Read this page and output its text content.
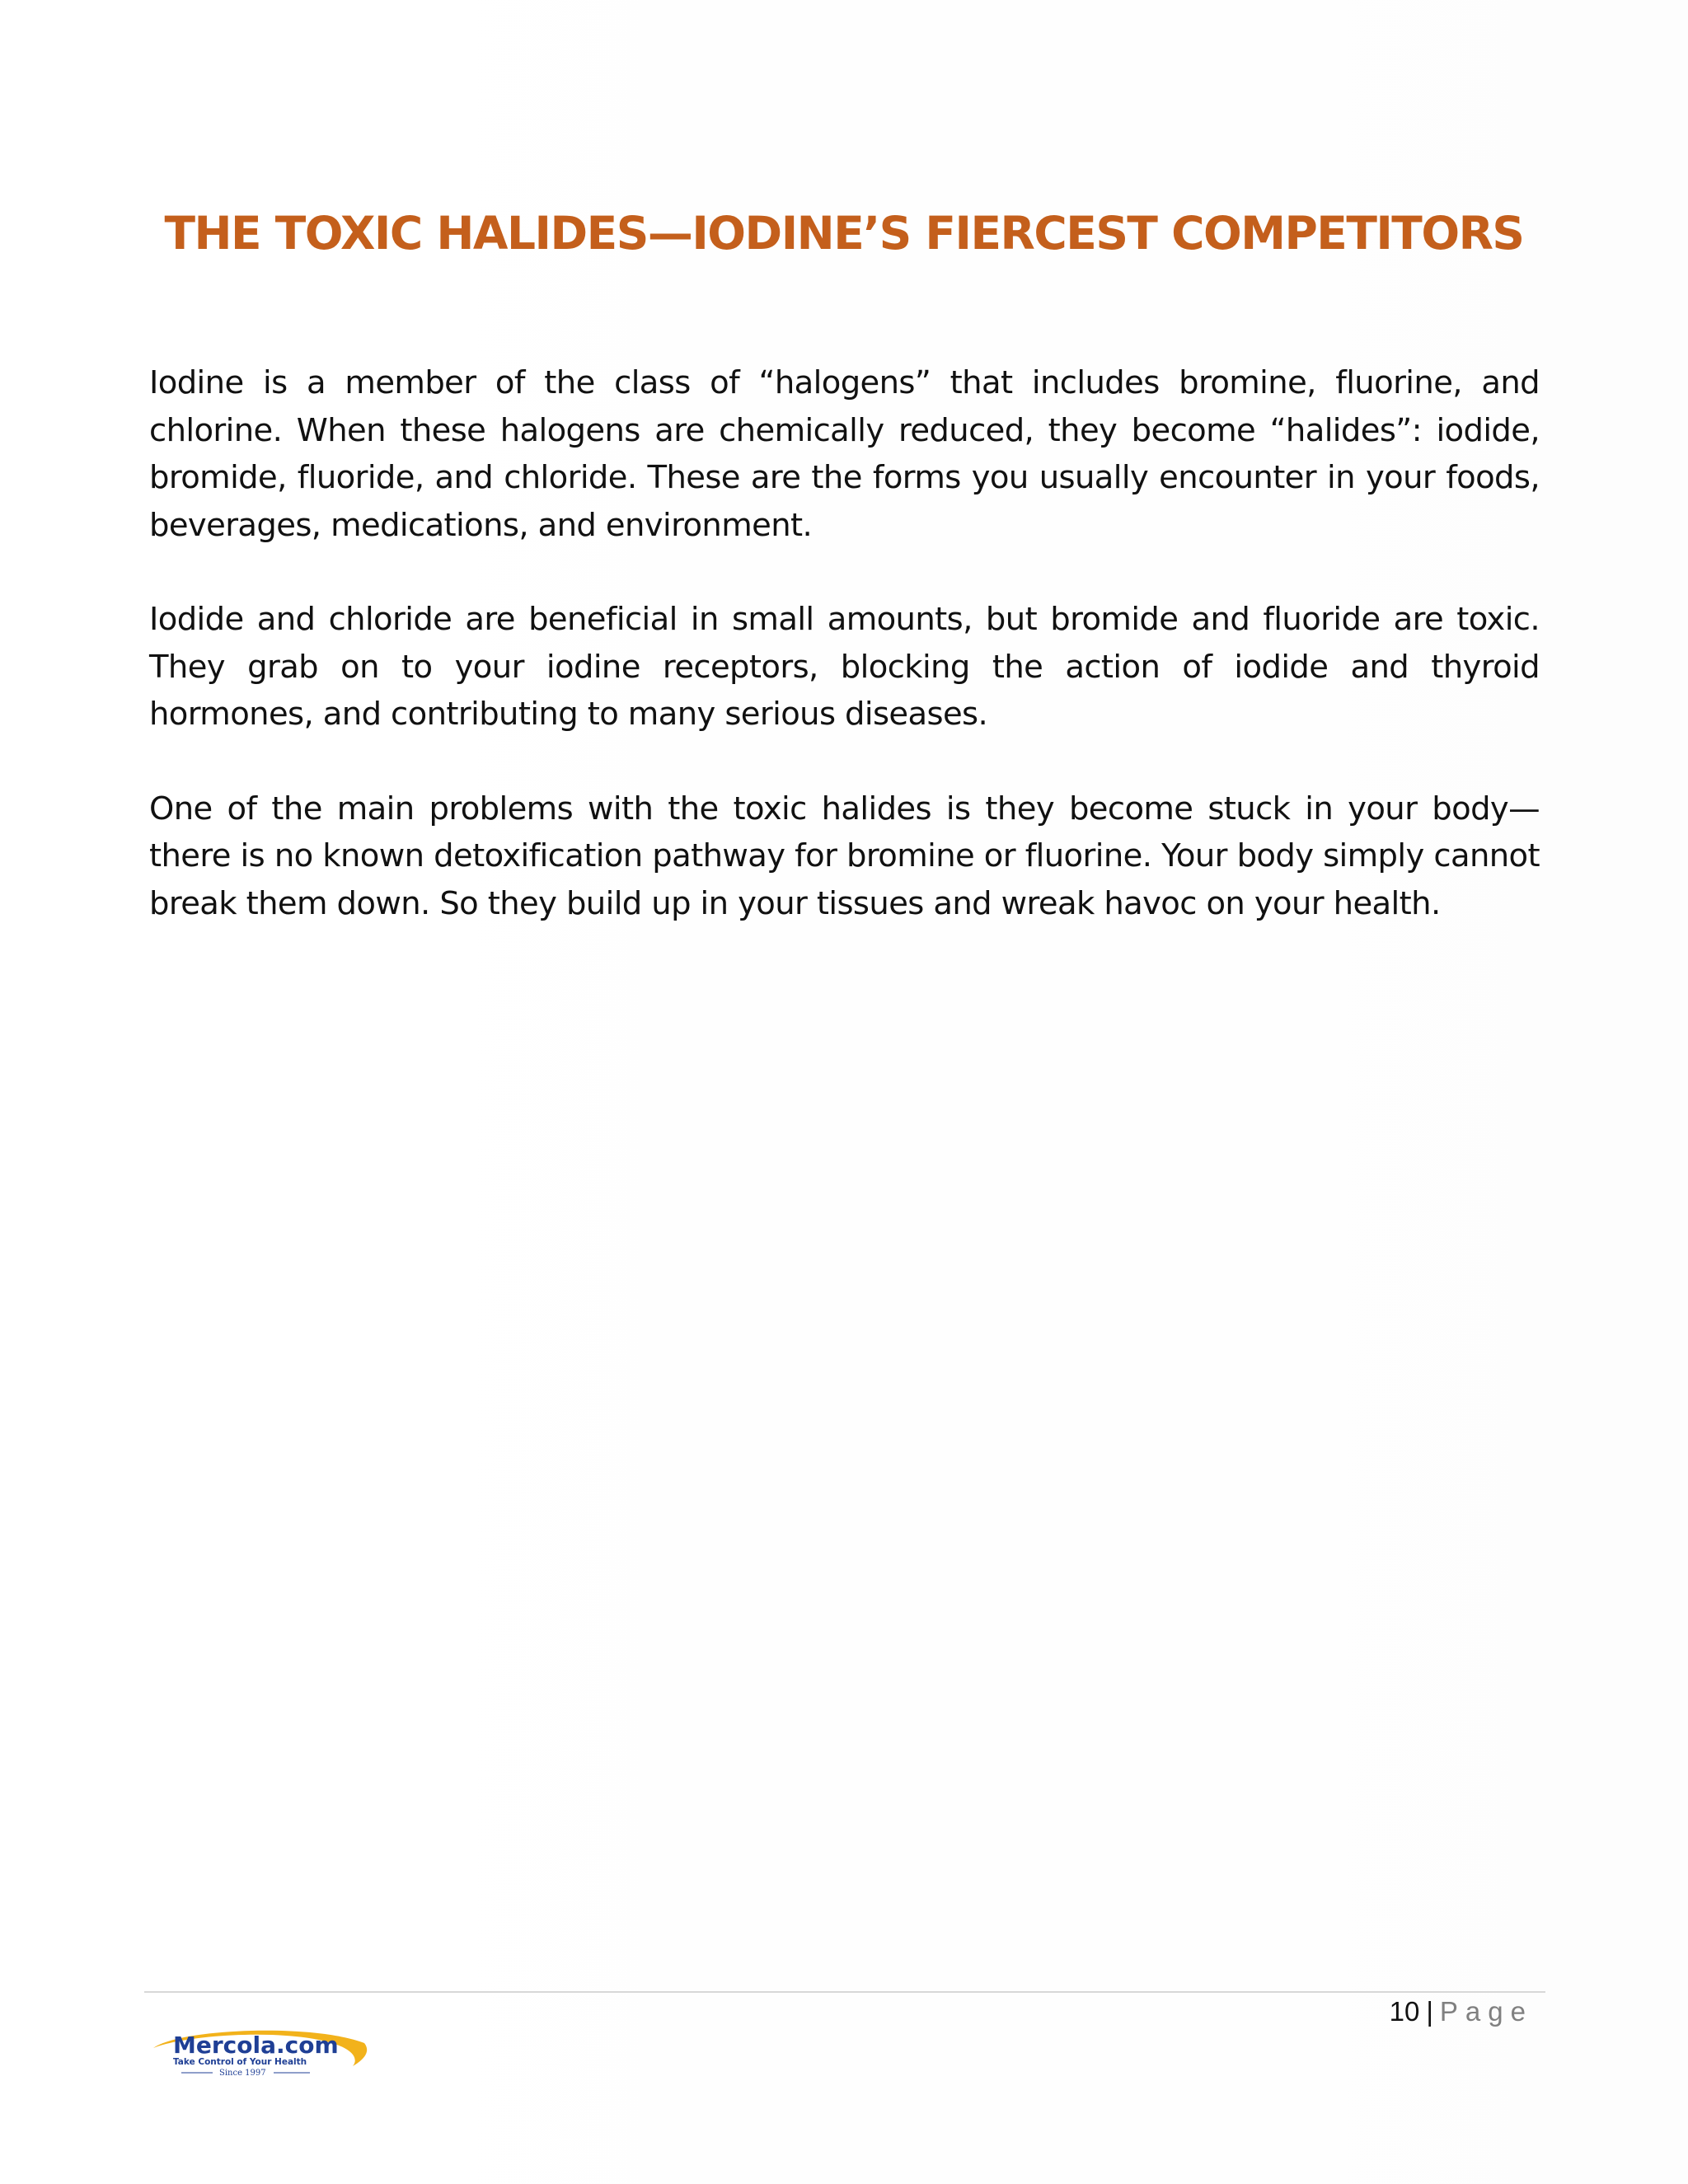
THE TOXIC HALIDES—IODINE’S FIERCEST COMPETITORS

Iodine is a member of the class of “halogens” that includes bromine, fluorine, and chlorine. When these halogens are chemically reduced, they become “halides”: iodide, bromide, fluoride, and chloride. These are the forms you usually encounter in your foods, beverages, medications, and environment.

Iodide and chloride are beneficial in small amounts, but bromide and fluoride are toxic. They grab on to your iodine receptors, blocking the action of iodide and thyroid hormones, and contributing to many serious diseases.

One of the main problems with the toxic halides is they become stuck in your body—there is no known detoxification pathway for bromine or fluorine. Your body simply cannot break them down. So they build up in your tissues and wreak havoc on your health.

10 | Page
Mercola.com
Take Control of Your Health
Since 1997
